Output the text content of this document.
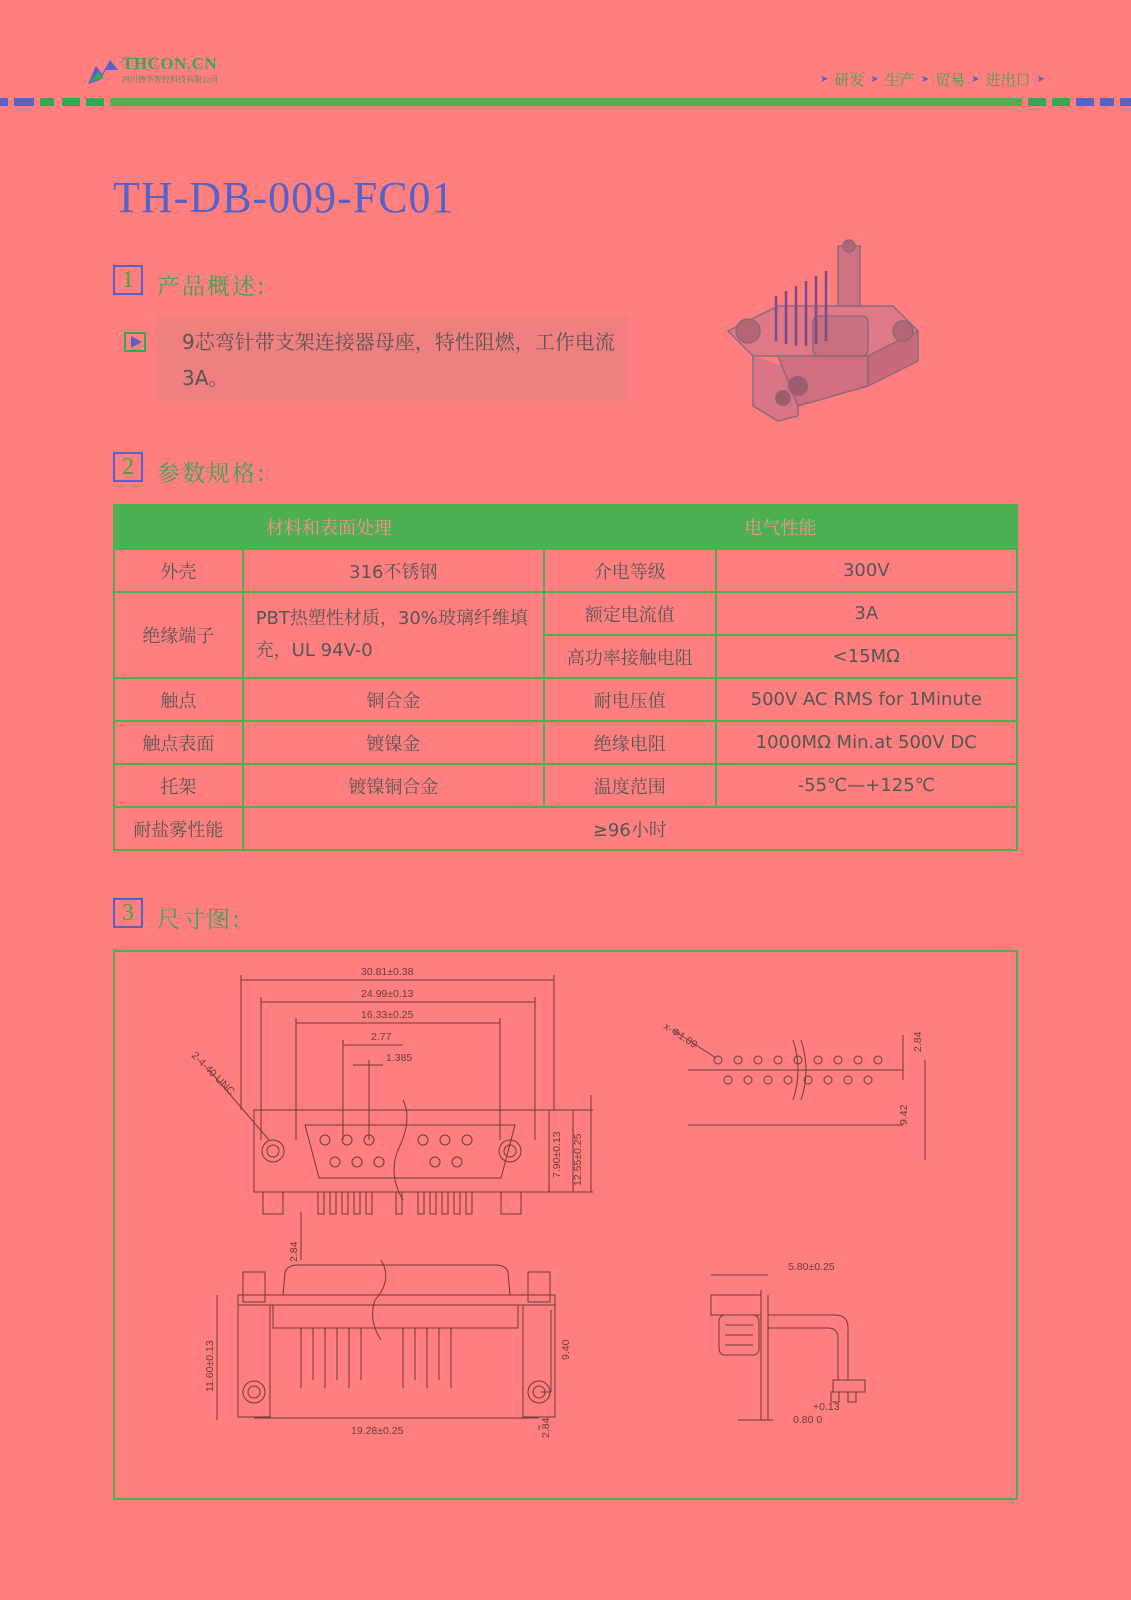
THCON.CN
四川德华智控科技有限公司	➤ 研发 ➤ 生产 ➤ 贸易 ➤ 进出口 ➤
TH-DB-009-FC01
1	产品概述:
9芯弯针带支架连接器母座，特性阻燃，工作电流3A。
2	参数规格:
材料和表面处理		电气性能	
外壳	316不锈钢	介电等级	300V
绝缘端子	PBT热塑性材质，30%玻璃纤维填充，UL 94V-0	额定电流值	3A
		高功率接触电阻	<15MΩ
触点	铜合金	耐电压值	500V AC RMS for 1Minute
触点表面	镀镍金	绝缘电阻	1000MΩ Min.at 500V DC
托架	镀镍铜合金	温度范围	-55℃—+125℃
耐盐雾性能	≥96小时		
3	尺寸图:
30.81±0.38
24.99±0.13
16.33±0.25
2.77
1.385
2-4-40 UNC
7.90±0.13 12.55±0.25
2.84
x-Φ1.09	2.84
9.42
11.60±0.13	9.40
19.28±0.25	2.84
5.80±0.25
+0.13
0.80 0
